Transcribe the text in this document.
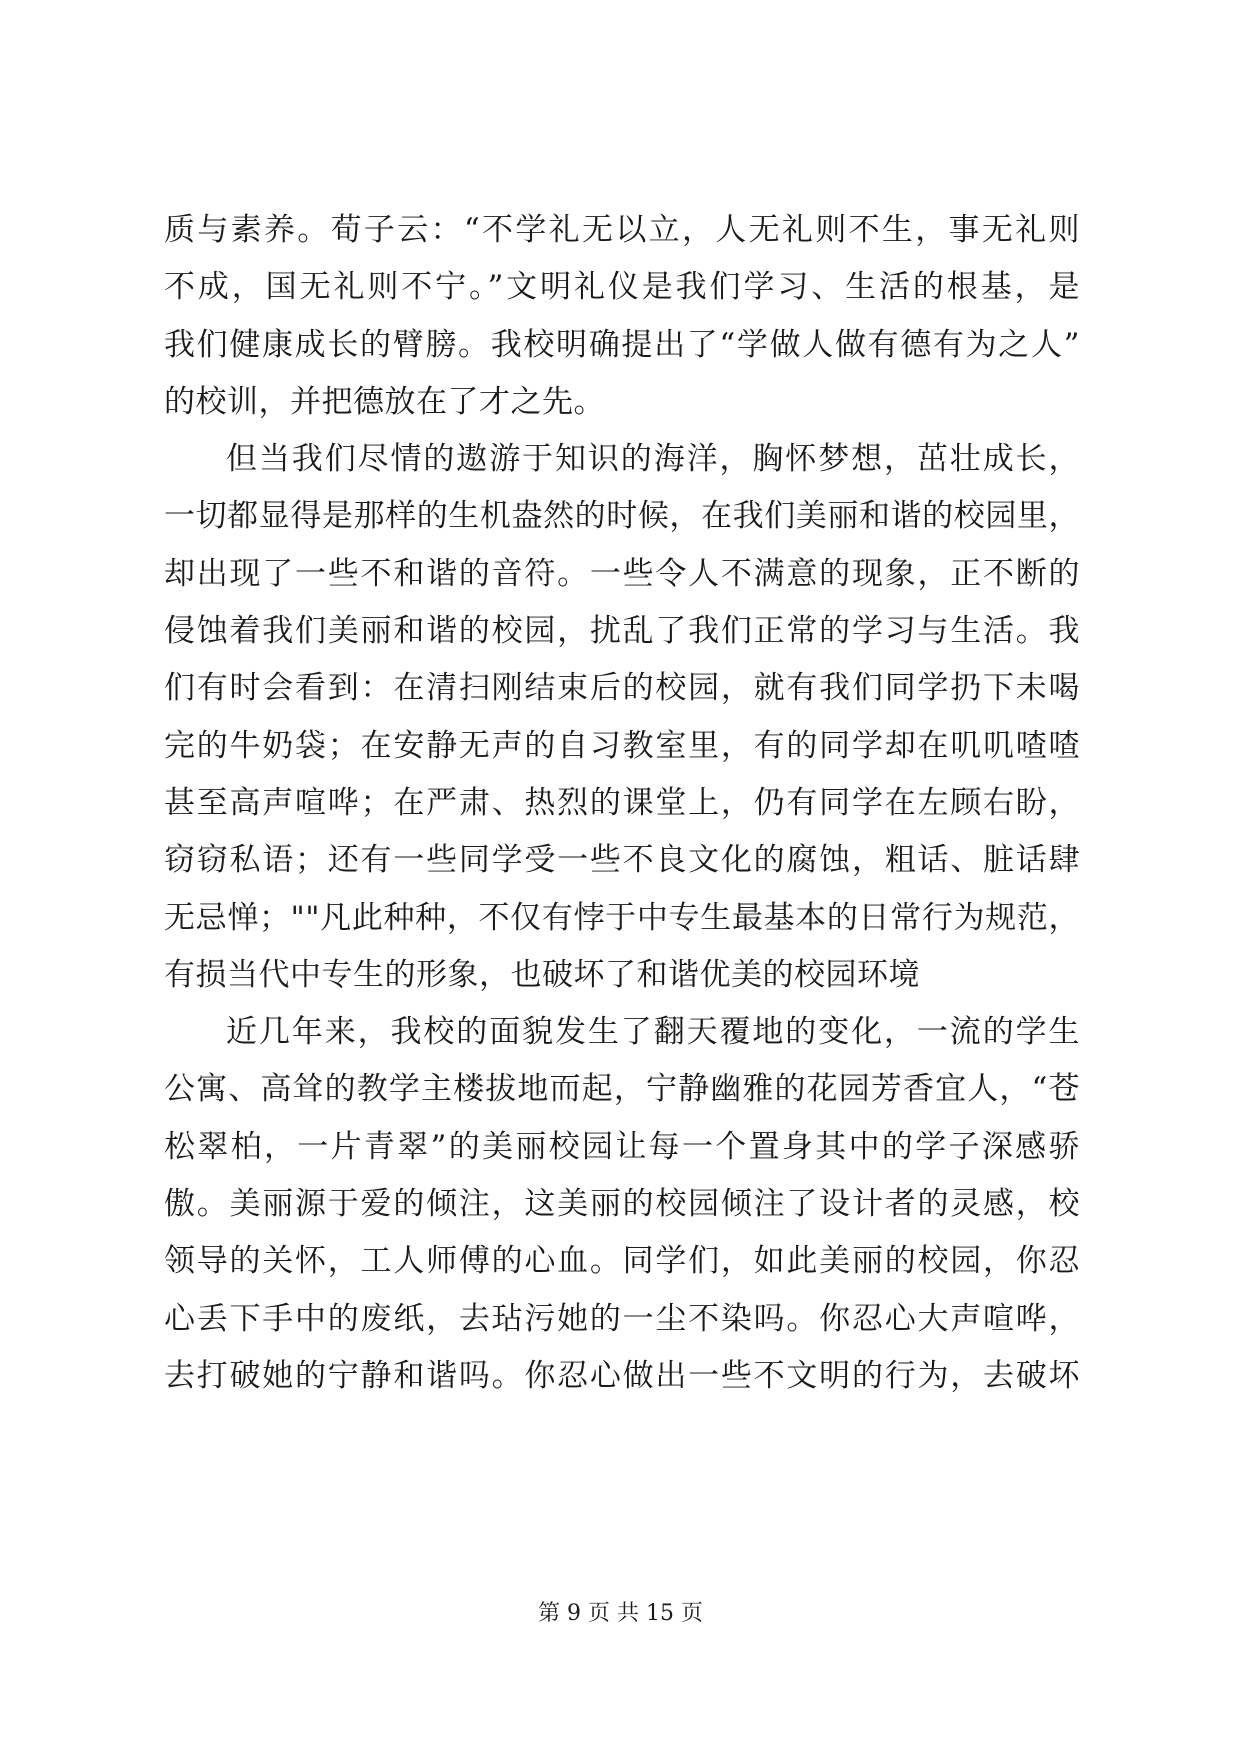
质与素养。荀子云：“不学礼无以立，人无礼则不生，事无礼则
不成，国无礼则不宁。”文明礼仪是我们学习、生活的根基，是
我们健康成长的臂膀。我校明确提出了“学做人做有德有为之人”
的校训，并把德放在了才之先。
但当我们尽情的遨游于知识的海洋，胸怀梦想，茁壮成长，
一切都显得是那样的生机盎然的时候，在我们美丽和谐的校园里，
却出现了一些不和谐的音符。一些令人不满意的现象，正不断的
侵蚀着我们美丽和谐的校园，扰乱了我们正常的学习与生活。我
们有时会看到：在清扫刚结束后的校园，就有我们同学扔下未喝
完的牛奶袋；在安静无声的自习教室里，有的同学却在叽叽喳喳
甚至高声喧哗；在严肃、热烈的课堂上，仍有同学在左顾右盼，
窃窃私语；还有一些同学受一些不良文化的腐蚀，粗话、脏话肆
无忌惮；""凡此种种，不仅有悖于中专生最基本的日常行为规范，
有损当代中专生的形象，也破坏了和谐优美的校园环境
近几年来，我校的面貌发生了翻天覆地的变化，一流的学生
公寓、高耸的教学主楼拔地而起，宁静幽雅的花园芳香宜人，“苍
松翠柏，一片青翠”的美丽校园让每一个置身其中的学子深感骄
傲。美丽源于爱的倾注，这美丽的校园倾注了设计者的灵感，校
领导的关怀，工人师傅的心血。同学们，如此美丽的校园，你忍
心丢下手中的废纸，去玷污她的一尘不染吗。你忍心大声喧哗，
去打破她的宁静和谐吗。你忍心做出一些不文明的行为，去破坏
第 9 页 共 15 页
